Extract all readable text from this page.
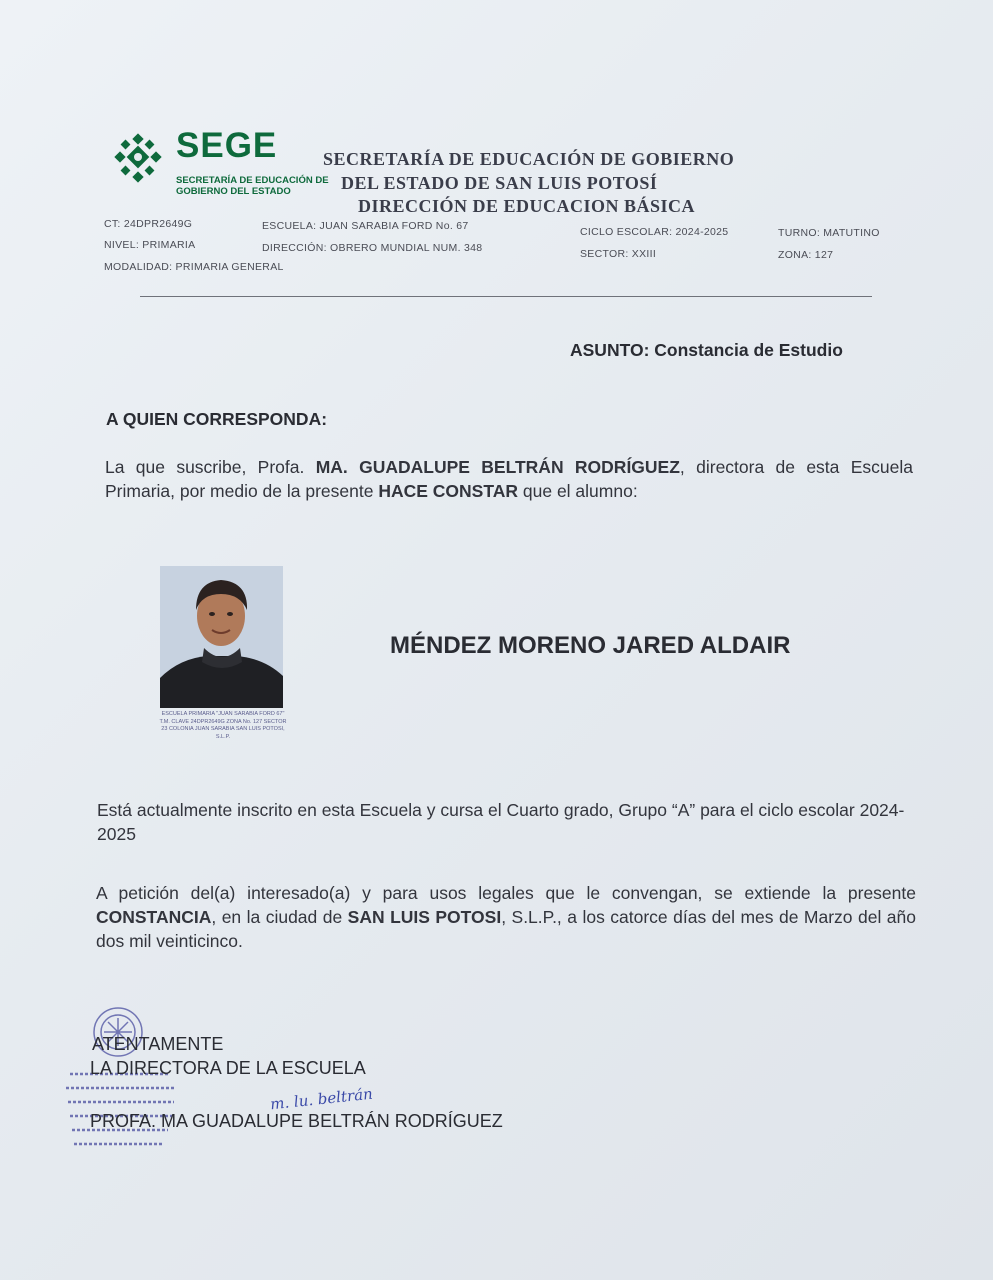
SEGE
SECRETARÍA DE EDUCACIÓN DE GOBIERNO DEL ESTADO
SECRETARÍA DE EDUCACIÓN DE GOBIERNO
DEL ESTADO DE SAN LUIS POTOSÍ
DIRECCIÓN DE EDUCACION BÁSICA
CT: 24DPR2649G	ESCUELA: JUAN SARABIA FORD No. 67	CICLO ESCOLAR: 2024-2025	TURNO: MATUTINO
NIVEL: PRIMARIA	DIRECCIÓN: OBRERO MUNDIAL NUM. 348	SECTOR: XXIII	ZONA: 127
MODALIDAD: PRIMARIA GENERAL
ASUNTO: Constancia de Estudio
A QUIEN CORRESPONDA:
La que suscribe, Profa. MA. GUADALUPE BELTRÁN RODRÍGUEZ, directora de esta Escuela Primaria, por medio de la presente HACE CONSTAR que el alumno:
ESCUELA PRIMARIA "JUAN SARABIA FORD 67" T.M. CLAVE 24DPR2649G ZONA No. 127 SECTOR 23 COLONIA JUAN SARABIA SAN LUIS POTOSI, S.L.P.
MÉNDEZ MORENO JARED ALDAIR
Está actualmente inscrito en esta Escuela y cursa el Cuarto grado, Grupo “A” para el ciclo escolar 2024-2025
A petición del(a) interesado(a) y para usos legales que le convengan, se extiende la presente CONSTANCIA, en la ciudad de SAN LUIS POTOSI, S.L.P., a los catorce días del mes de Marzo del año dos mil veinticinco.
ATENTAMENTE
LA DIRECTORA DE LA ESCUELA
m. lu. beltrán
PROFA. MA GUADALUPE BELTRÁN RODRÍGUEZ
